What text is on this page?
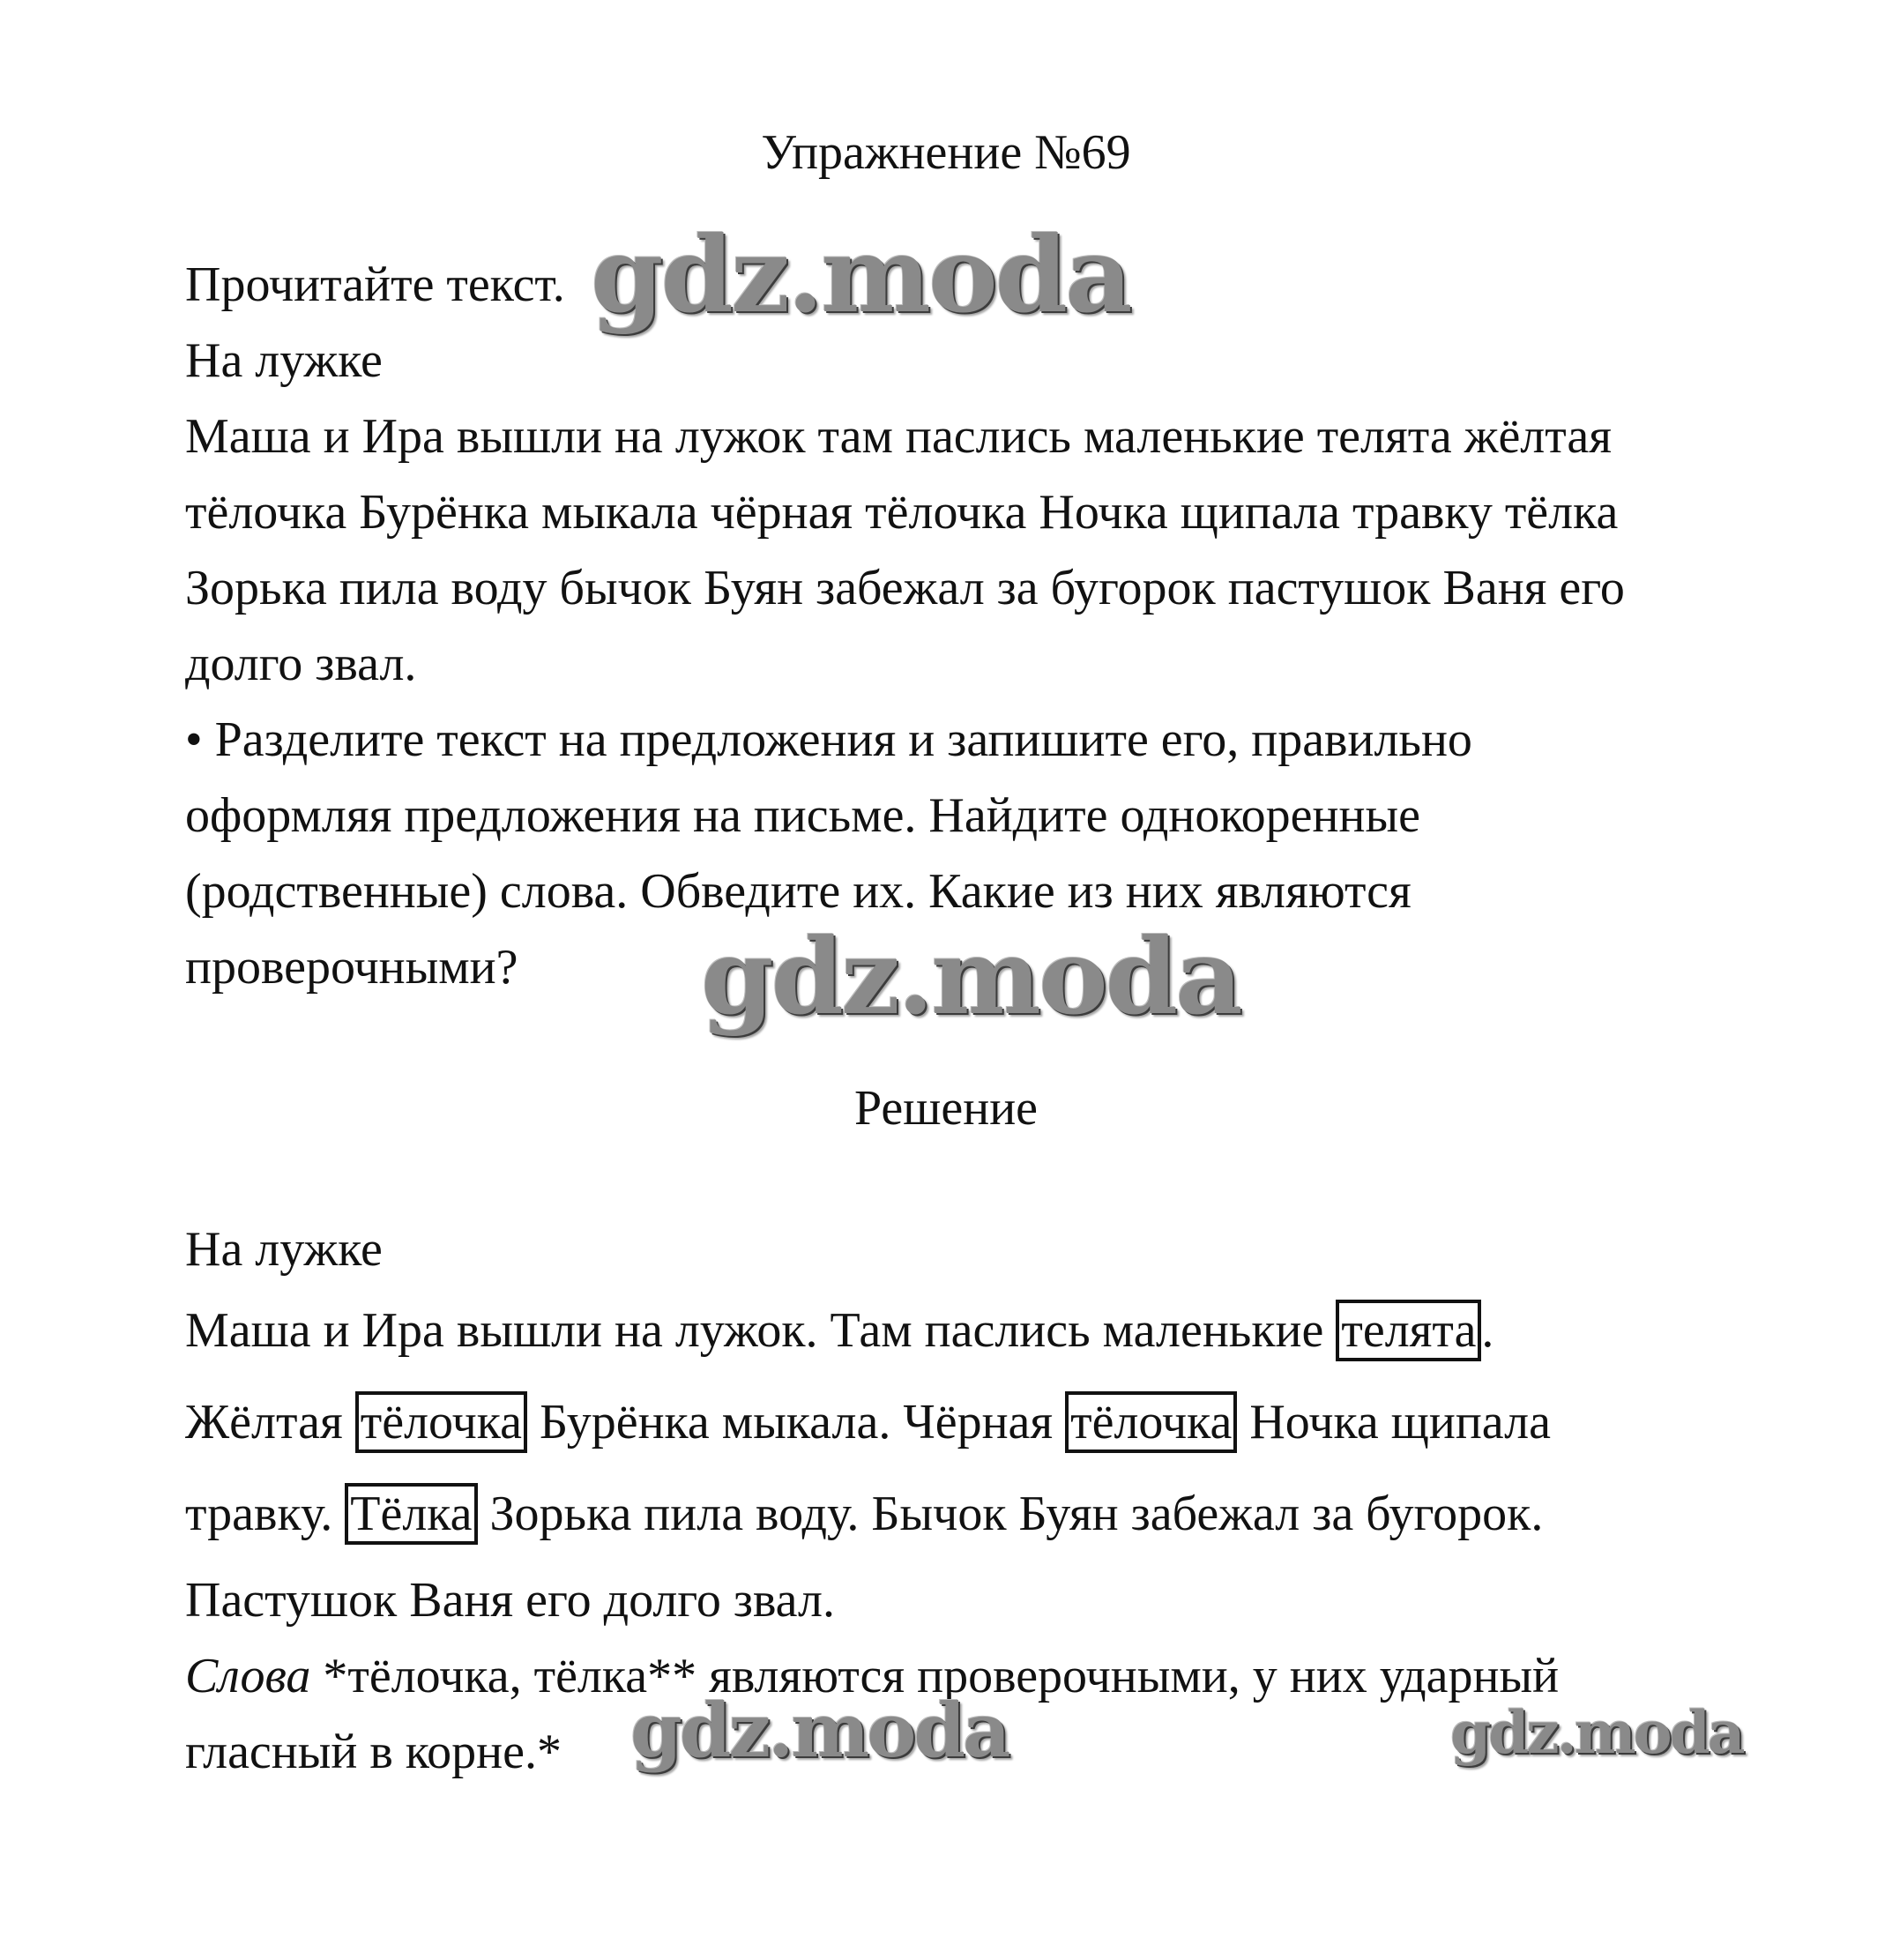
Упражнение №69
Прочитайте текст.
На лужке
Маша и Ира вышли на лужок там паслись маленькие телята жёлтая
тёлочка Бурёнка мыкала чёрная тёлочка Ночка щипала травку тёлка
Зорька пила воду бычок Буян забежал за бугорок пастушок Ваня его
долго звал.
• Разделите текст на предложения и запишите его, правильно
оформляя предложения на письме. Найдите однокоренные
(родственные) слова. Обведите их. Какие из них являются
проверочными?
Решение
На лужке
Маша и Ира вышли на лужок. Там паслись маленькие телята .
Жёлтая тёлочка Бурёнка мыкала. Чёрная тёлочка Ночка щипала
травку. Тёлка Зорька пила воду. Бычок Буян забежал за бугорок.
Пастушок Ваня его долго звал.
Слова *тёлочка, тёлка** являются проверочными, у них ударный
гласный в корне.*
gdz.moda
gdz.moda
gdz.moda	gdz.moda
